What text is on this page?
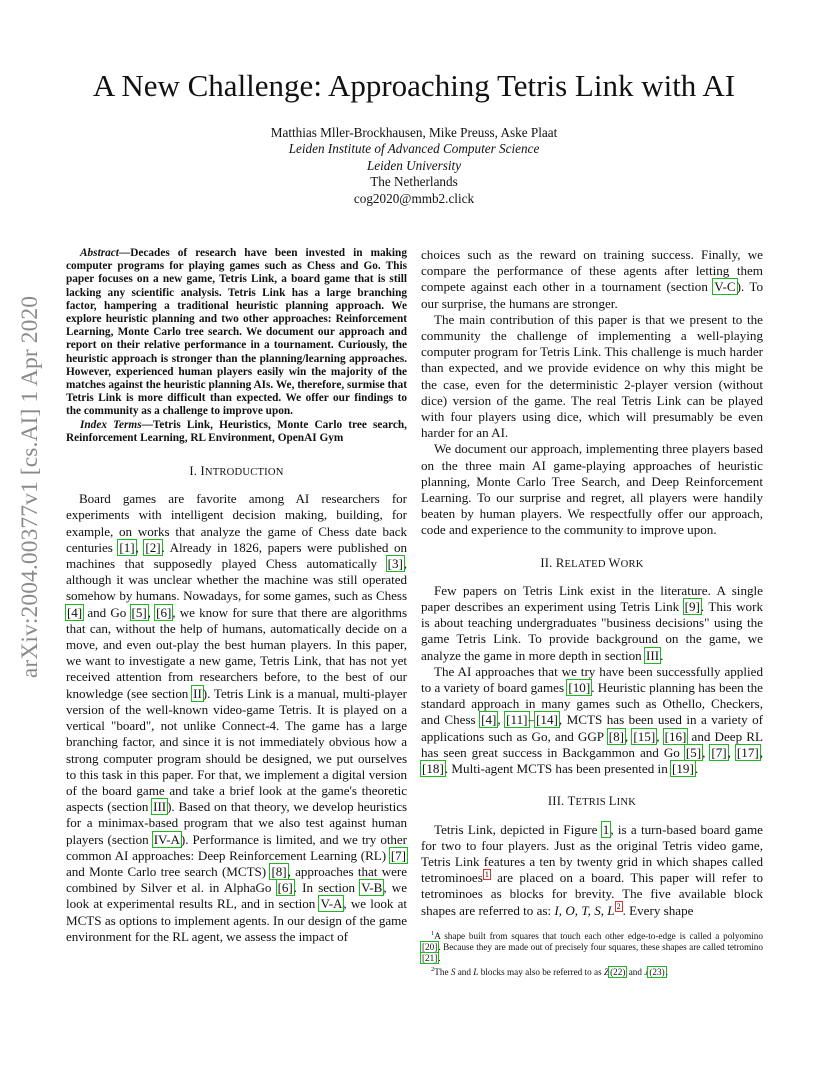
arXiv:2004.00377v1 [cs.AI] 1 Apr 2020
A New Challenge: Approaching Tetris Link with AI
Matthias Mller-Brockhausen, Mike Preuss, Aske Plaat
Leiden Institute of Advanced Computer Science
Leiden University
The Netherlands
cog2020@mmb2.click

Abstract—Decades of research have been invested in making computer programs for playing games such as Chess and Go. This paper focuses on a new game, Tetris Link, a board game that is still lacking any scientific analysis. Tetris Link has a large branching factor, hampering a traditional heuristic planning approach. We explore heuristic planning and two other approaches: Reinforcement Learning, Monte Carlo tree search. We document our approach and report on their relative performance in a tournament. Curiously, the heuristic approach is stronger than the planning/learning approaches. However, experienced human players easily win the majority of the matches against the heuristic planning AIs. We, therefore, surmise that Tetris Link is more difficult than expected. We offer our findings to the community as a challenge to improve upon.

Index Terms—Tetris Link, Heuristics, Monte Carlo tree search, Reinforcement Learning, RL Environment, OpenAI Gym

I. INTRODUCTION

Board games are favorite among AI researchers for experiments with intelligent decision making, building, for example, on works that analyze the game of Chess date back centuries [1], [2]. Already in 1826, papers were published on machines that supposedly played Chess automatically [3], although it was unclear whether the machine was still operated somehow by humans. Nowadays, for some games, such as Chess [4] and Go [5], [6], we know for sure that there are algorithms that can, without the help of humans, automatically decide on a move, and even out-play the best human players. In this paper, we want to investigate a new game, Tetris Link, that has not yet received attention from researchers before, to the best of our knowledge (see section II). Tetris Link is a manual, multi-player version of the well-known video-game Tetris. It is played on a vertical "board", not unlike Connect-4. The game has a large branching factor, and since it is not immediately obvious how a strong computer program should be designed, we put ourselves to this task in this paper. For that, we implement a digital version of the board game and take a brief look at the game's theoretic aspects (section III). Based on that theory, we develop heuristics for a minimax-based program that we also test against human players (section IV-A). Performance is limited, and we try other common AI approaches: Deep Reinforcement Learning (RL) [7] and Monte Carlo tree search (MCTS) [8], approaches that were combined by Silver et al. in AlphaGo [6]. In section V-B, we look at experimental results RL, and in section V-A, we look at MCTS as options to implement agents. In our design of the game environment for the RL agent, we assess the impact of

choices such as the reward on training success. Finally, we compare the performance of these agents after letting them compete against each other in a tournament (section V-C). To our surprise, the humans are stronger.

The main contribution of this paper is that we present to the community the challenge of implementing a well-playing computer program for Tetris Link. This challenge is much harder than expected, and we provide evidence on why this might be the case, even for the deterministic 2-player version (without dice) version of the game. The real Tetris Link can be played with four players using dice, which will presumably be even harder for an AI.

We document our approach, implementing three players based on the three main AI game-playing approaches of heuristic planning, Monte Carlo Tree Search, and Deep Reinforcement Learning. To our surprise and regret, all players were handily beaten by human players. We respectfully offer our approach, code and experience to the community to improve upon.

II. RELATED WORK

Few papers on Tetris Link exist in the literature. A single paper describes an experiment using Tetris Link [9]. This work is about teaching undergraduates "business decisions" using the game Tetris Link. To provide background on the game, we analyze the game in more depth in section III.

The AI approaches that we try have been successfully applied to a variety of board games [10]. Heuristic planning has been the standard approach in many games such as Othello, Checkers, and Chess [4], [11]–[14], MCTS has been used in a variety of applications such as Go, and GGP [8], [15], [16] and Deep RL has seen great success in Backgammon and Go [5], [7], [17], [18]. Multi-agent MCTS has been presented in [19].

III. TETRIS LINK

Tetris Link, depicted in Figure 1, is a turn-based board game for two to four players. Just as the original Tetris video game, Tetris Link features a ten by twenty grid in which shapes called tetrominoes $^1$ are placed on a board. This paper will refer to tetrominoes as blocks for brevity. The five available block shapes are referred to as: I, O, T, S, L $^2$ . Every shape

$^1$A shape built from squares that touch each other edge-to-edge is called a polyomino [20]. Because they are made out of precisely four squares, these shapes are called tetromino [21].

$^2$The S and L blocks may also be referred to as Z(22) and J(23).
